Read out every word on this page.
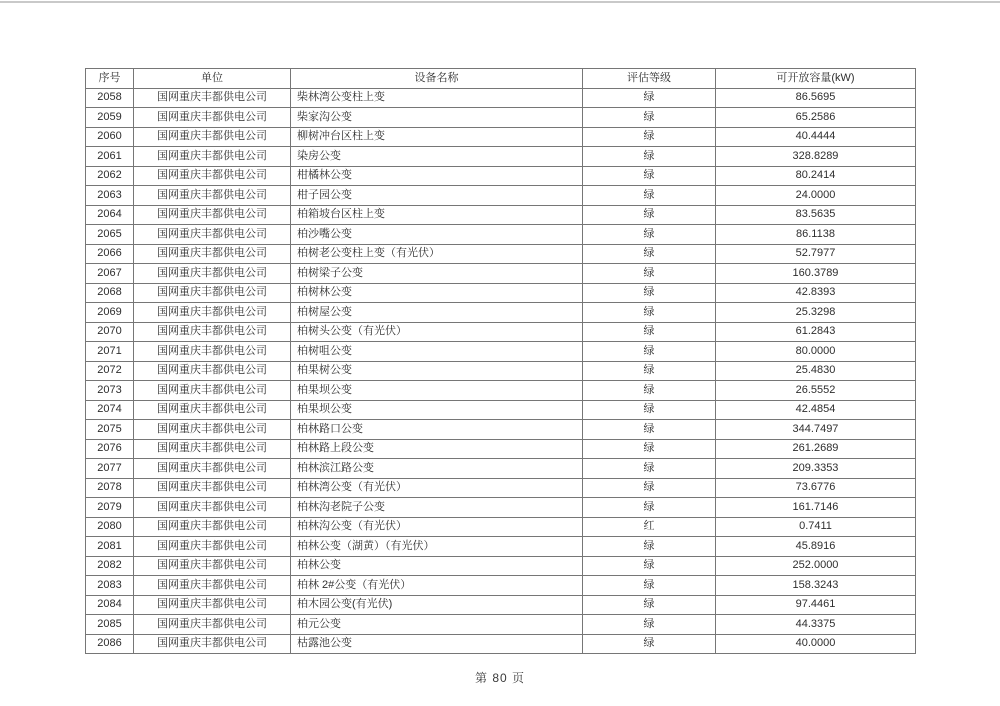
序号	单位	设备名称	评估等级	可开放容量(kW)
2058	国网重庆丰都供电公司	柴林湾公变柱上变	绿	86.5695
2059	国网重庆丰都供电公司	柴家沟公变	绿	65.2586
2060	国网重庆丰都供电公司	柳树冲台区柱上变	绿	40.4444
2061	国网重庆丰都供电公司	染房公变	绿	328.8289
2062	国网重庆丰都供电公司	柑橘林公变	绿	80.2414
2063	国网重庆丰都供电公司	柑子园公变	绿	24.0000
2064	国网重庆丰都供电公司	柏箱坡台区柱上变	绿	83.5635
2065	国网重庆丰都供电公司	柏沙嘴公变	绿	86.1138
2066	国网重庆丰都供电公司	柏树老公变柱上变（有光伏）	绿	52.7977
2067	国网重庆丰都供电公司	柏树梁子公变	绿	160.3789
2068	国网重庆丰都供电公司	柏树林公变	绿	42.8393
2069	国网重庆丰都供电公司	柏树屋公变	绿	25.3298
2070	国网重庆丰都供电公司	柏树头公变（有光伏）	绿	61.2843
2071	国网重庆丰都供电公司	柏树咀公变	绿	80.0000
2072	国网重庆丰都供电公司	柏果树公变	绿	25.4830
2073	国网重庆丰都供电公司	柏果坝公变	绿	26.5552
2074	国网重庆丰都供电公司	柏果坝公变	绿	42.4854
2075	国网重庆丰都供电公司	柏林路口公变	绿	344.7497
2076	国网重庆丰都供电公司	柏林路上段公变	绿	261.2689
2077	国网重庆丰都供电公司	柏林滨江路公变	绿	209.3353
2078	国网重庆丰都供电公司	柏林湾公变（有光伏）	绿	73.6776
2079	国网重庆丰都供电公司	柏林沟老院子公变	绿	161.7146
2080	国网重庆丰都供电公司	柏林沟公变（有光伏）	红	0.7411
2081	国网重庆丰都供电公司	柏林公变（湖黄）（有光伏）	绿	45.8916
2082	国网重庆丰都供电公司	柏林公变	绿	252.0000
2083	国网重庆丰都供电公司	柏林 2#公变（有光伏）	绿	158.3243
2084	国网重庆丰都供电公司	柏木园公变(有光伏)	绿	97.4461
2085	国网重庆丰都供电公司	柏元公变	绿	44.3375
2086	国网重庆丰都供电公司	枯露池公变	绿	40.0000
第 80 页
